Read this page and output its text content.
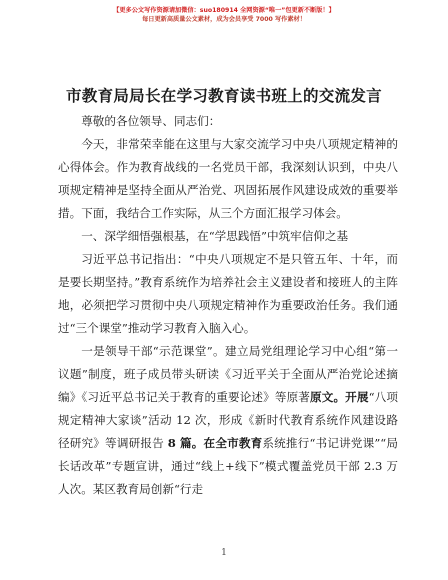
【更多公文写作资源请加微信：suo180914 全网资源“唯一”包更新不断版！】
每日更新高质量公文素材，成为会员享受 7000 写作素材！
市教育局局长在学习教育读书班上的交流发言

尊敬的各位领导、同志们：

今天，非常荣幸能在这里与大家交流学习中央八项规定精神的心得体会。作为教育战线的一名党员干部，我深刻认识到，中央八项规定精神是坚持全面从严治党、巩固拓展作风建设成效的重要举措。下面，我结合工作实际，从三个方面汇报学习体会。

一、深学细悟强根基，在“学思践悟”中筑牢信仰之基

习近平总书记指出：“中央八项规定不是只管五年、十年，而是要长期坚持。”教育系统作为培养社会主义建设者和接班人的主阵地，必须把学习贯彻中央八项规定精神作为重要政治任务。我们通过“三个课堂”推动学习教育入脑入心。

一是领导干部“示范课堂”。建立局党组理论学习中心组“第一议题”制度，班子成员带头研读《习近平关于全面从严治党论述摘编》《习近平总书记关于教育的重要论述》等原著原文。开展“八项规定精神大家谈”活动 12 次，形成《新时代教育系统作风建设路径研究》等调研报告 8 篇。在全市教育系统推行“书记讲党课”“局长话改革”专题宣讲，通过“线上+线下”模式覆盖党员干部 2.3 万人次。某区教育局创新“行走

1
